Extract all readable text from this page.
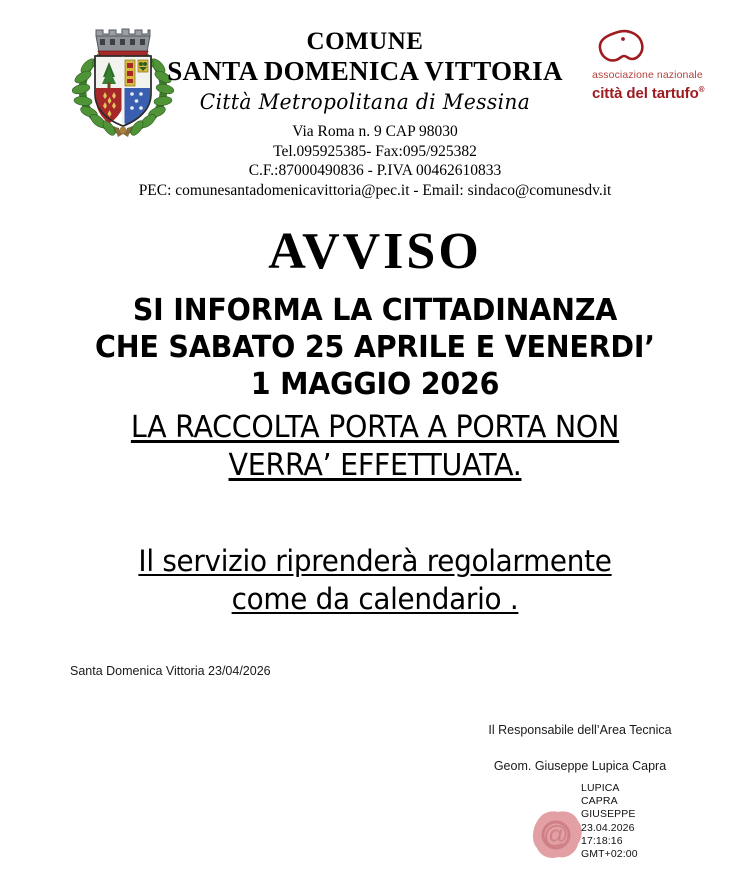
COMUNE
SANTA DOMENICA VITTORIA
Città Metropolitana di Messina
associazione nazionale
città del tartufo®
Via Roma n. 9 CAP 98030
Tel.095925385- Fax:095/925382
C.F.:87000490836 - P.IVA 00462610833
PEC: comunesantadomenicavittoria@pec.it - Email: sindaco@comunesdv.it
AVVISO
SI INFORMA LA CITTADINANZA
CHE SABATO 25 APRILE E VENERDI’
1 MAGGIO 2026
LA RACCOLTA PORTA A PORTA NON
VERRA’ EFFETTUATA.
Il servizio riprenderà regolarmente
come da calendario .
Santa Domenica Vittoria 23/04/2026
Il Responsabile dell’Area Tecnica
Geom. Giuseppe Lupica Capra
@
LUPICA
CAPRA
GIUSEPPE
23.04.2026
17:18:16
GMT+02:00
